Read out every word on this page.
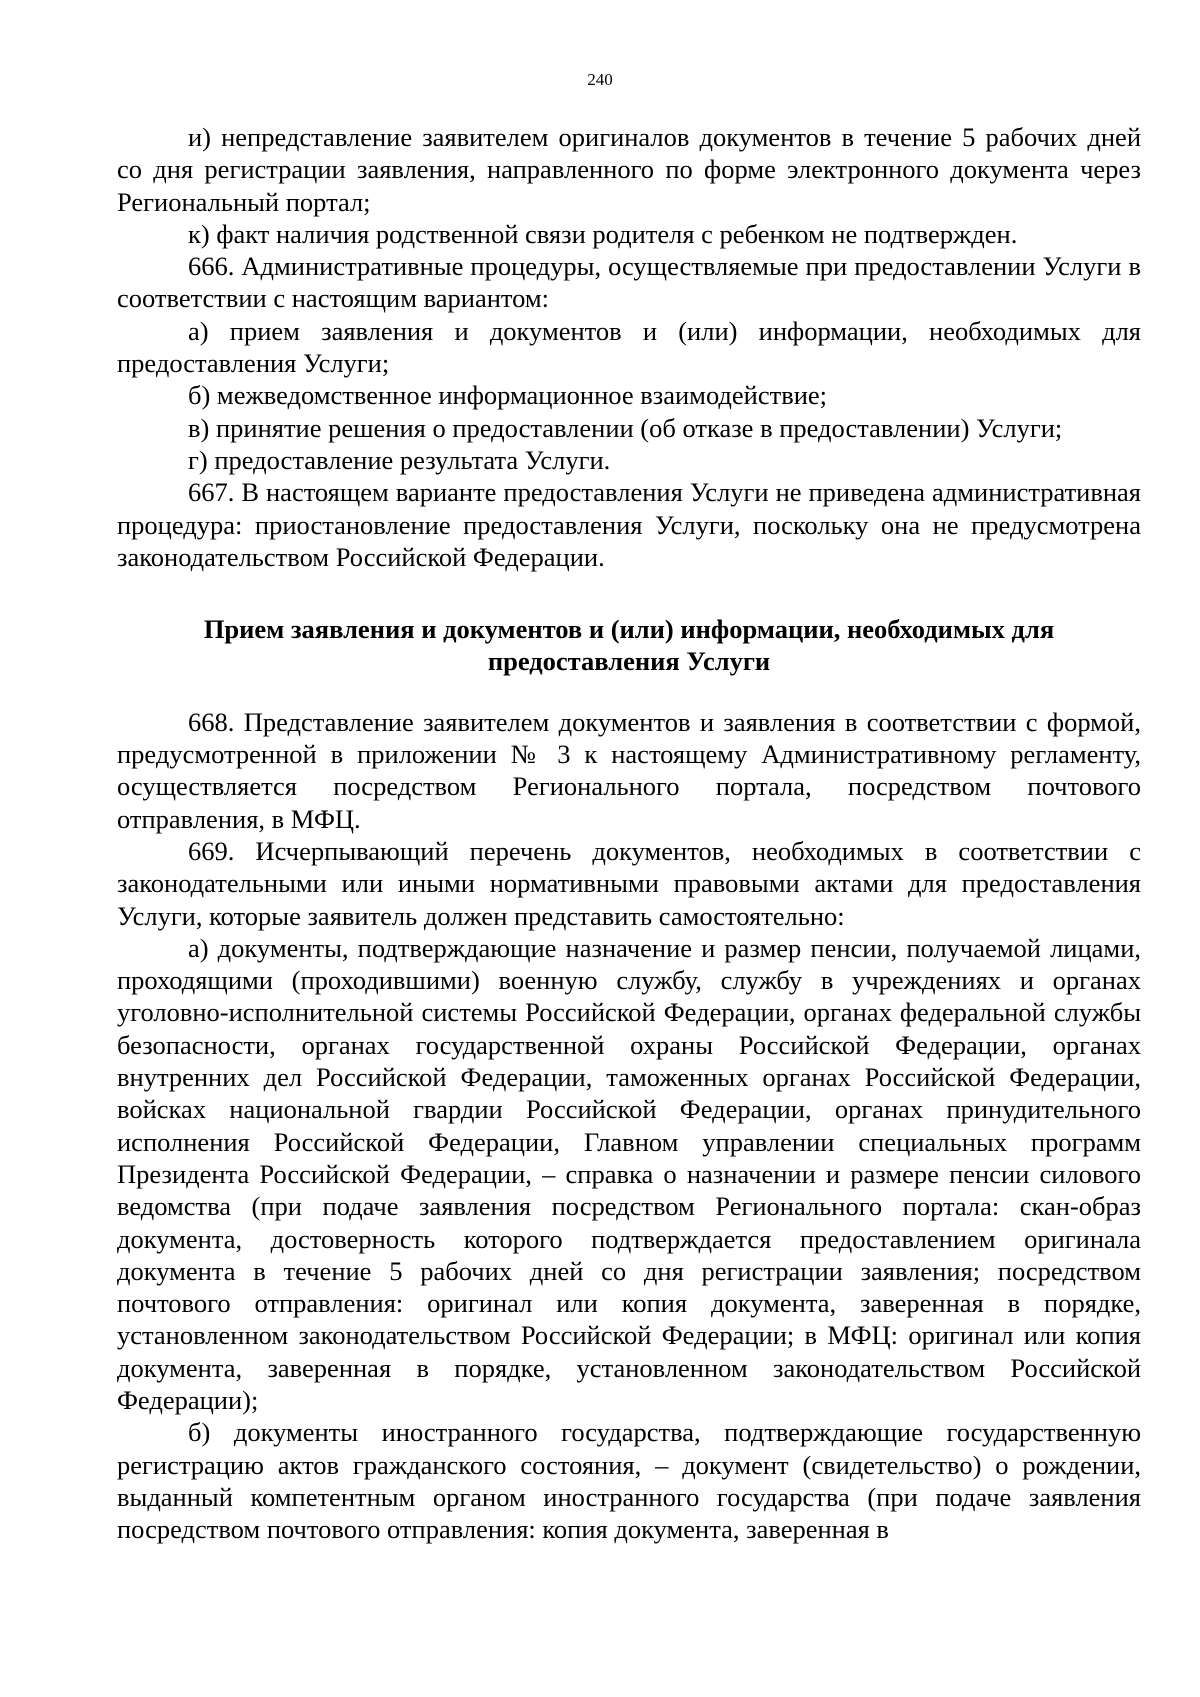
240

и) непредставление заявителем оригиналов документов в течение 5 рабочих дней со дня регистрации заявления, направленного по форме электронного документа через Региональный портал;

к) факт наличия родственной связи родителя с ребенком не подтвержден.

666. Административные процедуры, осуществляемые при предоставлении Услуги в соответствии с настоящим вариантом:

а) прием заявления и документов и (или) информации, необходимых для предоставления Услуги;

б) межведомственное информационное взаимодействие;

в) принятие решения о предоставлении (об отказе в предоставлении) Услуги;

г) предоставление результата Услуги.

667. В настоящем варианте предоставления Услуги не приведена административная процедура: приостановление предоставления Услуги, поскольку она не предусмотрена законодательством Российской Федерации.

Прием заявления и документов и (или) информации, необходимых для предоставления Услуги

668. Представление заявителем документов и заявления в соответствии с формой, предусмотренной в приложении № 3 к настоящему Административному регламенту, осуществляется посредством Регионального портала, посредством почтового отправления, в МФЦ.

669. Исчерпывающий перечень документов, необходимых в соответствии с законодательными или иными нормативными правовыми актами для предоставления Услуги, которые заявитель должен представить самостоятельно:

а) документы, подтверждающие назначение и размер пенсии, получаемой лицами, проходящими (проходившими) военную службу, службу в учреждениях и органах уголовно-исполнительной системы Российской Федерации, органах федеральной службы безопасности, органах государственной охраны Российской Федерации, органах внутренних дел Российской Федерации, таможенных органах Российской Федерации, войсках национальной гвардии Российской Федерации, органах принудительного исполнения Российской Федерации, Главном управлении специальных программ Президента Российской Федерации, – справка о назначении и размере пенсии силового ведомства (при подаче заявления посредством Регионального портала: скан-образ документа, достоверность которого подтверждается предоставлением оригинала документа в течение 5 рабочих дней со дня регистрации заявления; посредством почтового отправления: оригинал или копия документа, заверенная в порядке, установленном законодательством Российской Федерации; в МФЦ: оригинал или копия документа, заверенная в порядке, установленном законодательством Российской Федерации);

б) документы иностранного государства, подтверждающие государственную регистрацию актов гражданского состояния, – документ (свидетельство) о рождении, выданный компетентным органом иностранного государства (при подаче заявления посредством почтового отправления: копия документа, заверенная в
